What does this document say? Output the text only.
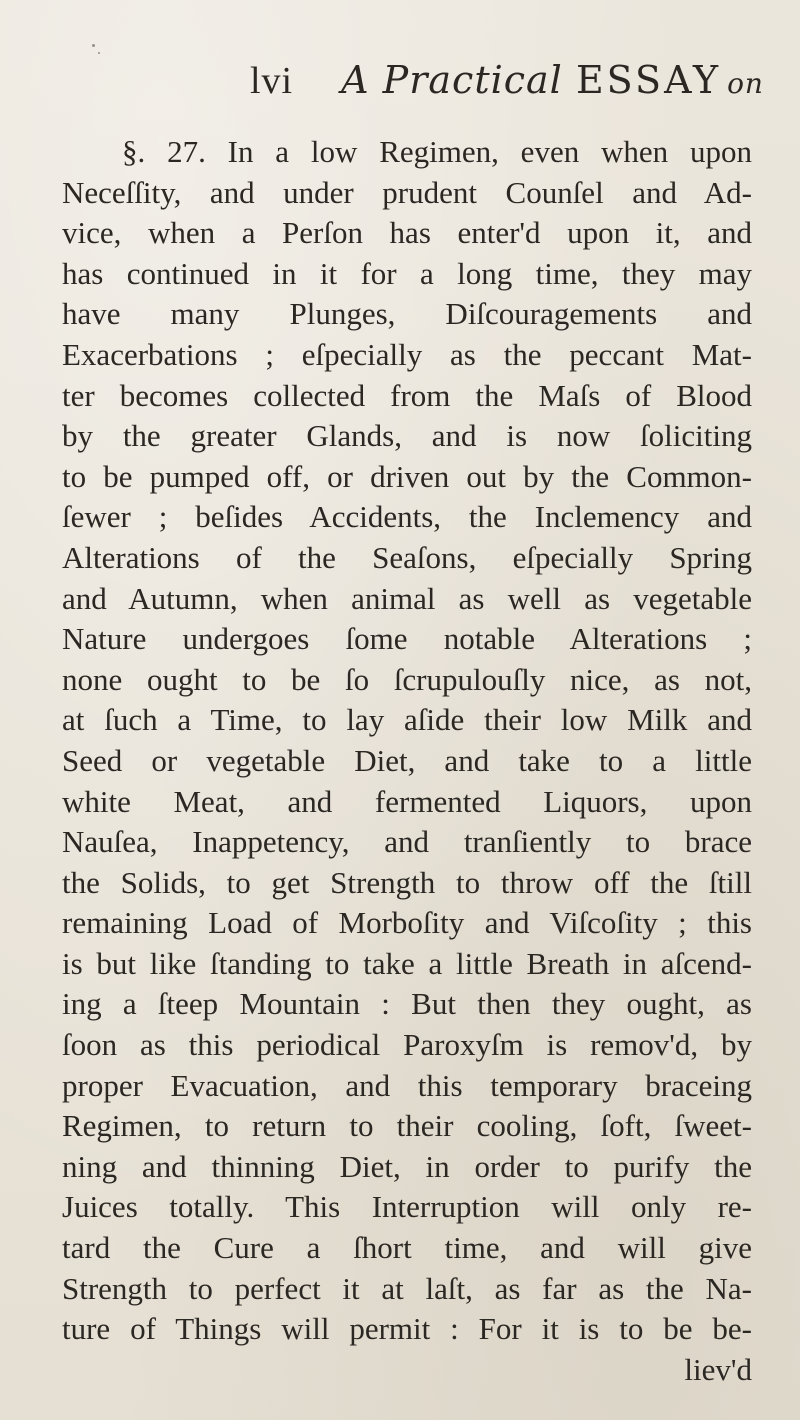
lvi A Practical ESSAY on
§. 27. In a low Regimen, even when upon
Neceſſity, and under prudent Counſel and Ad-
vice, when a Perſon has enter'd upon it, and
has continued in it for a long time, they may
have many Plunges, Diſcouragements and
Exacerbations ; eſpecially as the peccant Mat-
ter becomes collected from the Maſs of Blood
by the greater Glands, and is now ſoliciting
to be pumped off, or driven out by the Common-
ſewer ; beſides Accidents, the Inclemency and
Alterations of the Seaſons, eſpecially Spring
and Autumn, when animal as well as vegetable
Nature undergoes ſome notable Alterations ;
none ought to be ſo ſcrupulouſly nice, as not,
at ſuch a Time, to lay aſide their low Milk and
Seed or vegetable Diet, and take to a little
white Meat, and fermented Liquors, upon
Nauſea, Inappetency, and tranſiently to brace
the Solids, to get Strength to throw off the ſtill
remaining Load of Morboſity and Viſcoſity ; this
is but like ſtanding to take a little Breath in aſcend-
ing a ſteep Mountain : But then they ought, as
ſoon as this periodical Paroxyſm is remov'd, by
proper Evacuation, and this temporary braceing
Regimen, to return to their cooling, ſoft, ſweet-
ning and thinning Diet, in order to purify the
Juices totally. This Interruption will only re-
tard the Cure a ſhort time, and will give
Strength to perfect it at laſt, as far as the Na-
ture of Things will permit : For it is to be be-
liev'd
